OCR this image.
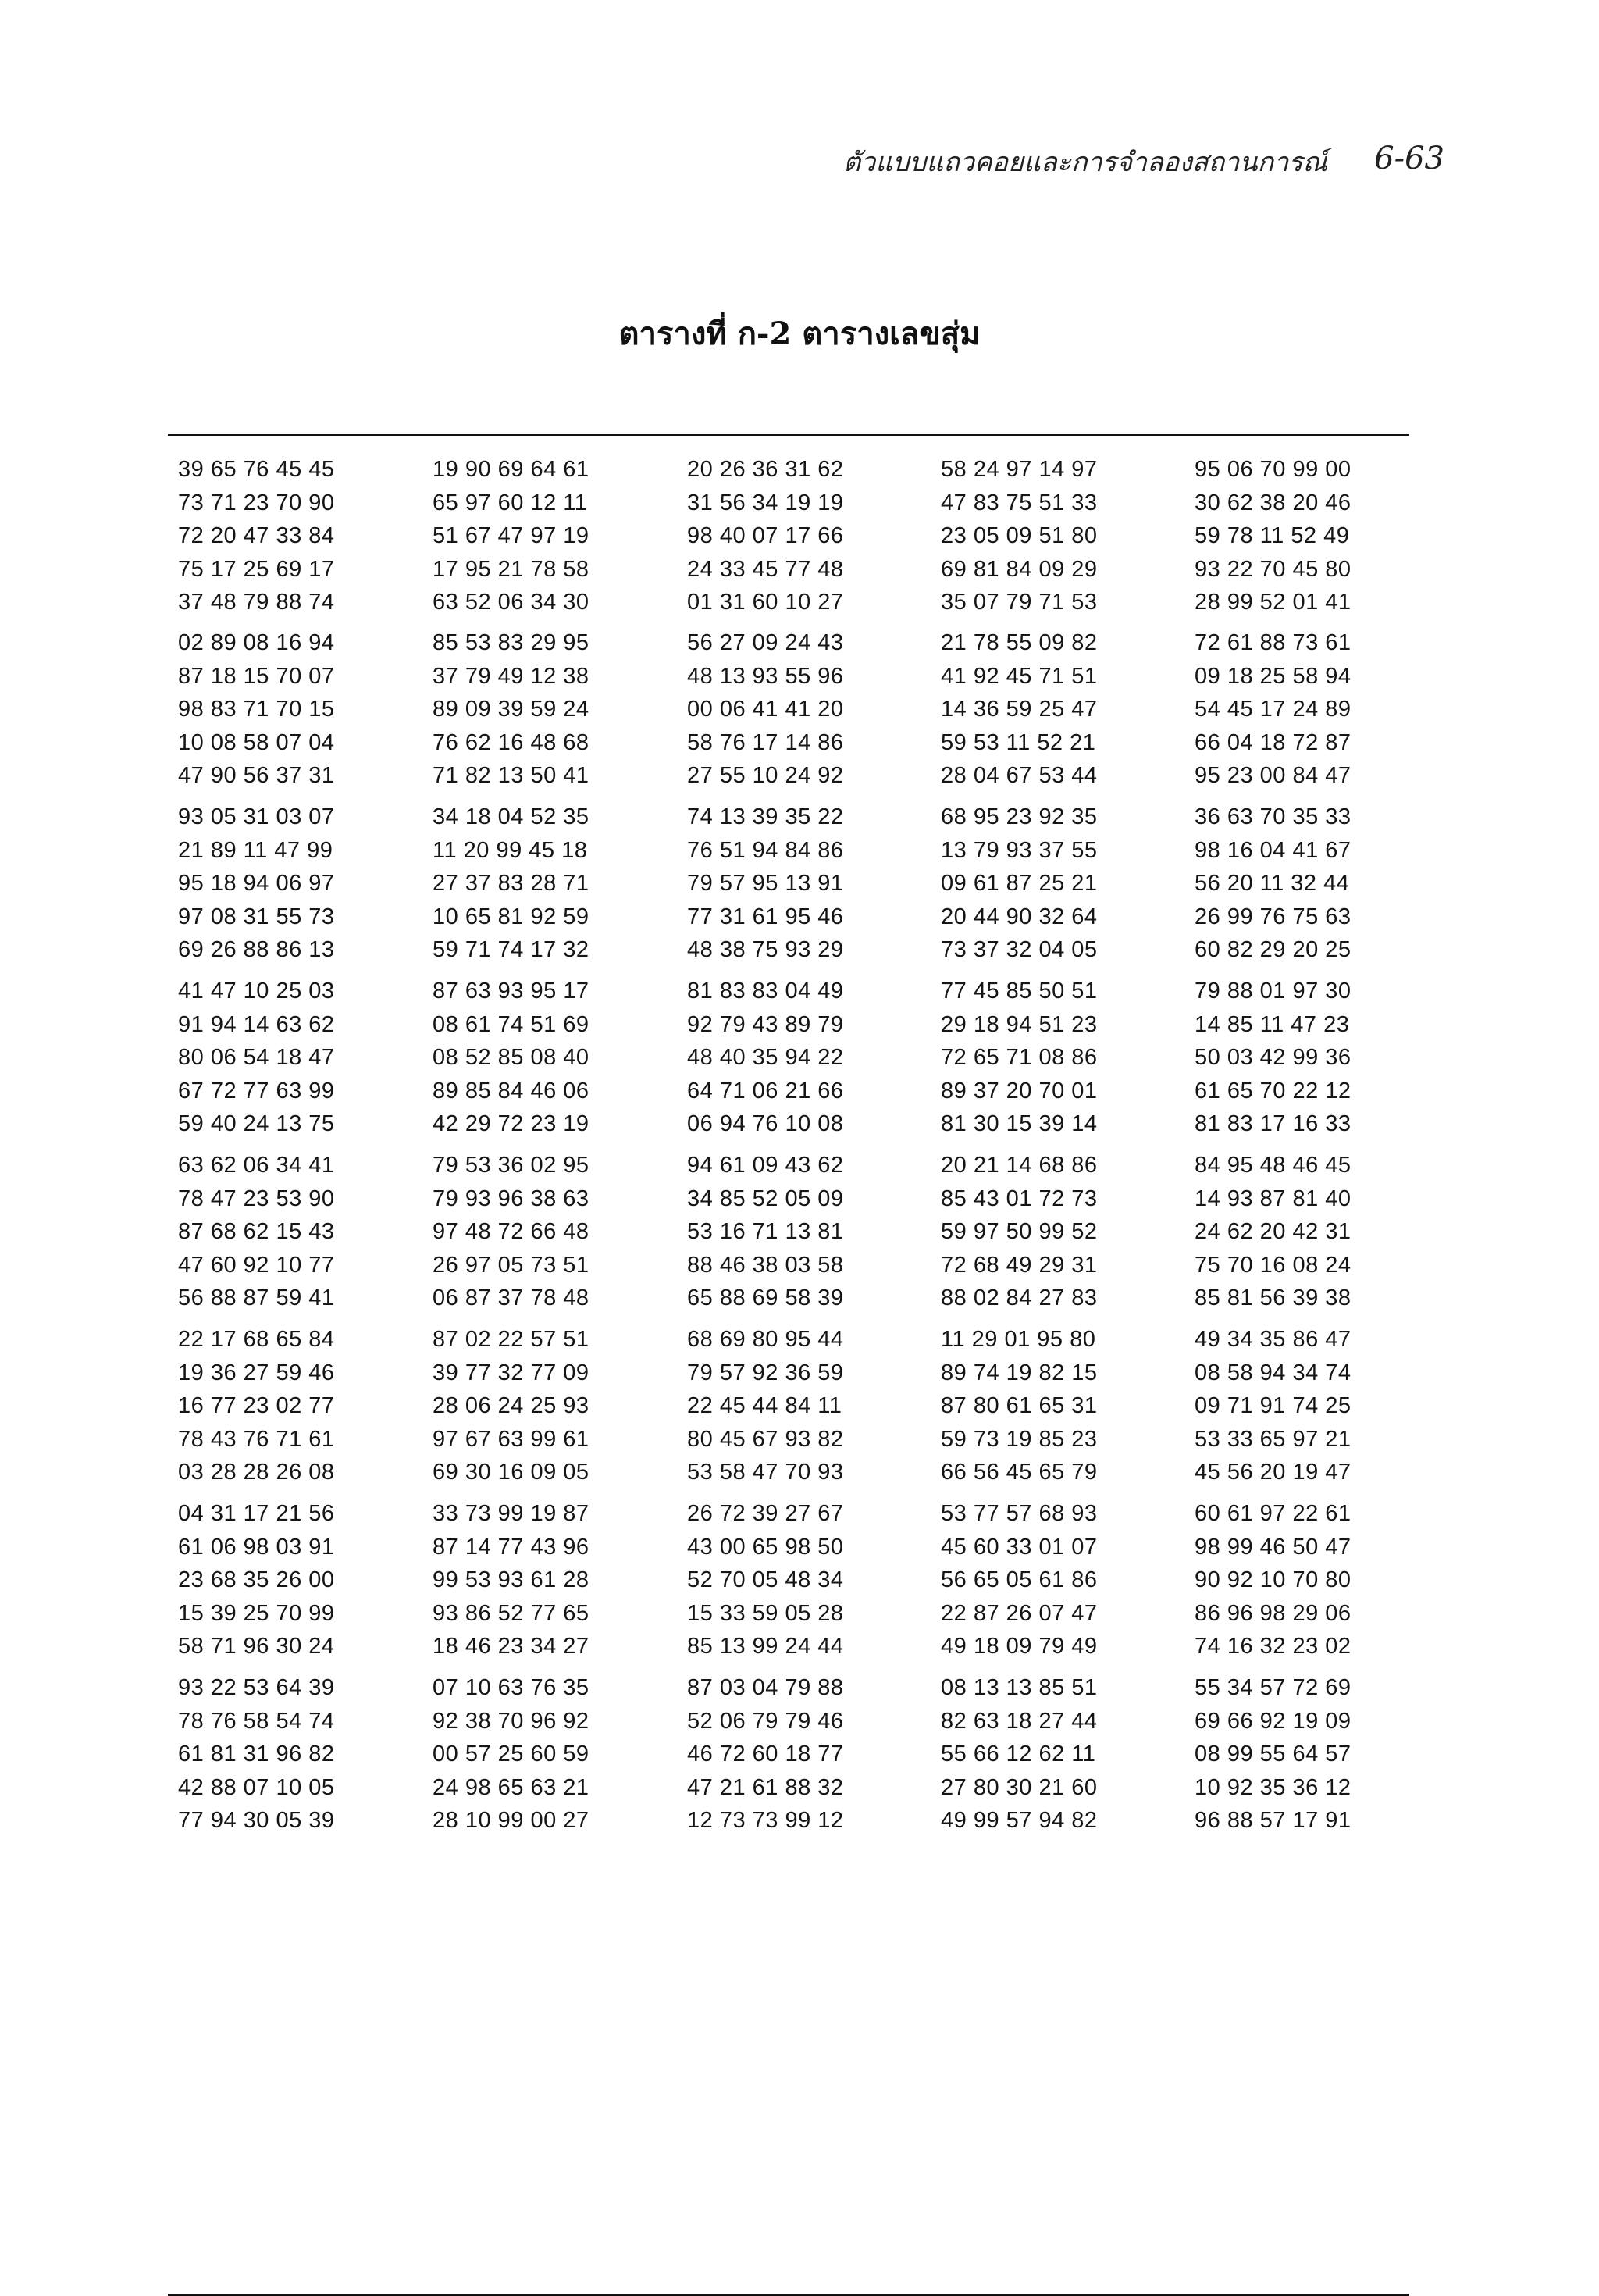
ตัวแบบแถวคอยและการจำลองสถานการณ์ 6-63
ตารางที่ ก-2 ตารางเลขสุ่ม
39 65 76 45 45
73 71 23 70 90
72 20 47 33 84
75 17 25 69 17
37 48 79 88 74
19 90 69 64 61
65 97 60 12 11
51 67 47 97 19
17 95 21 78 58
63 52 06 34 30
20 26 36 31 62
31 56 34 19 19
98 40 07 17 66
24 33 45 77 48
01 31 60 10 27
58 24 97 14 97
47 83 75 51 33
23 05 09 51 80
69 81 84 09 29
35 07 79 71 53
95 06 70 99 00
30 62 38 20 46
59 78 11 52 49
93 22 70 45 80
28 99 52 01 41
02 89 08 16 94
87 18 15 70 07
98 83 71 70 15
10 08 58 07 04
47 90 56 37 31
85 53 83 29 95
37 79 49 12 38
89 09 39 59 24
76 62 16 48 68
71 82 13 50 41
56 27 09 24 43
48 13 93 55 96
00 06 41 41 20
58 76 17 14 86
27 55 10 24 92
21 78 55 09 82
41 92 45 71 51
14 36 59 25 47
59 53 11 52 21
28 04 67 53 44
72 61 88 73 61
09 18 25 58 94
54 45 17 24 89
66 04 18 72 87
95 23 00 84 47
93 05 31 03 07
21 89 11 47 99
95 18 94 06 97
97 08 31 55 73
69 26 88 86 13
34 18 04 52 35
11 20 99 45 18
27 37 83 28 71
10 65 81 92 59
59 71 74 17 32
74 13 39 35 22
76 51 94 84 86
79 57 95 13 91
77 31 61 95 46
48 38 75 93 29
68 95 23 92 35
13 79 93 37 55
09 61 87 25 21
20 44 90 32 64
73 37 32 04 05
36 63 70 35 33
98 16 04 41 67
56 20 11 32 44
26 99 76 75 63
60 82 29 20 25
41 47 10 25 03
91 94 14 63 62
80 06 54 18 47
67 72 77 63 99
59 40 24 13 75
87 63 93 95 17
08 61 74 51 69
08 52 85 08 40
89 85 84 46 06
42 29 72 23 19
81 83 83 04 49
92 79 43 89 79
48 40 35 94 22
64 71 06 21 66
06 94 76 10 08
77 45 85 50 51
29 18 94 51 23
72 65 71 08 86
89 37 20 70 01
81 30 15 39 14
79 88 01 97 30
14 85 11 47 23
50 03 42 99 36
61 65 70 22 12
81 83 17 16 33
63 62 06 34 41
78 47 23 53 90
87 68 62 15 43
47 60 92 10 77
56 88 87 59 41
79 53 36 02 95
79 93 96 38 63
97 48 72 66 48
26 97 05 73 51
06 87 37 78 48
94 61 09 43 62
34 85 52 05 09
53 16 71 13 81
88 46 38 03 58
65 88 69 58 39
20 21 14 68 86
85 43 01 72 73
59 97 50 99 52
72 68 49 29 31
88 02 84 27 83
84 95 48 46 45
14 93 87 81 40
24 62 20 42 31
75 70 16 08 24
85 81 56 39 38
22 17 68 65 84
19 36 27 59 46
16 77 23 02 77
78 43 76 71 61
03 28 28 26 08
87 02 22 57 51
39 77 32 77 09
28 06 24 25 93
97 67 63 99 61
69 30 16 09 05
68 69 80 95 44
79 57 92 36 59
22 45 44 84 11
80 45 67 93 82
53 58 47 70 93
11 29 01 95 80
89 74 19 82 15
87 80 61 65 31
59 73 19 85 23
66 56 45 65 79
49 34 35 86 47
08 58 94 34 74
09 71 91 74 25
53 33 65 97 21
45 56 20 19 47
04 31 17 21 56
61 06 98 03 91
23 68 35 26 00
15 39 25 70 99
58 71 96 30 24
33 73 99 19 87
87 14 77 43 96
99 53 93 61 28
93 86 52 77 65
18 46 23 34 27
26 72 39 27 67
43 00 65 98 50
52 70 05 48 34
15 33 59 05 28
85 13 99 24 44
53 77 57 68 93
45 60 33 01 07
56 65 05 61 86
22 87 26 07 47
49 18 09 79 49
60 61 97 22 61
98 99 46 50 47
90 92 10 70 80
86 96 98 29 06
74 16 32 23 02
93 22 53 64 39
78 76 58 54 74
61 81 31 96 82
42 88 07 10 05
77 94 30 05 39
07 10 63 76 35
92 38 70 96 92
00 57 25 60 59
24 98 65 63 21
28 10 99 00 27
87 03 04 79 88
52 06 79 79 46
46 72 60 18 77
47 21 61 88 32
12 73 73 99 12
08 13 13 85 51
82 63 18 27 44
55 66 12 62 11
27 80 30 21 60
49 99 57 94 82
55 34 57 72 69
69 66 92 19 09
08 99 55 64 57
10 92 35 36 12
96 88 57 17 91
